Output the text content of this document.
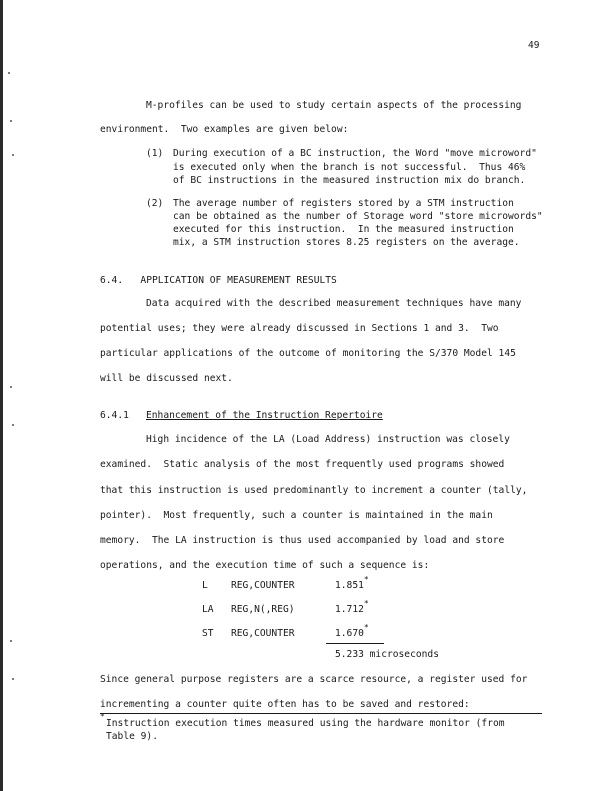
49
M-profiles can be used to study certain aspects of the processing
environment.  Two examples are given below:
(1) During execution of a BC instruction, the Word "move microword"
is executed only when the branch is not successful.  Thus 46%
of BC instructions in the measured instruction mix do branch.
(2) The average number of registers stored by a STM instruction
can be obtained as the number of Storage word "store microwords"
executed for this instruction.  In the measured instruction
mix, a STM instruction stores 8.25 registers on the average.
6.4.   APPLICATION OF MEASUREMENT RESULTS
Data acquired with the described measurement techniques have many
potential uses; they were already discussed in Sections 1 and 3.  Two
particular applications of the outcome of monitoring the S/370 Model 145
will be discussed next.
6.4.1 Enhancement of the Instruction Repertoire
High incidence of the LA (Load Address) instruction was closely
examined.  Static analysis of the most frequently used programs showed
that this instruction is used predominantly to increment a counter (tally,
pointer).  Most frequently, such a counter is maintained in the main
memory.  The LA instruction is thus used accompanied by load and store
operations, and the execution time of such a sequence is:
L REG,COUNTER	1.851*
LA REG,N(,REG)	1.712*
ST REG,COUNTER	1.670*
5.233 microseconds
Since general purpose registers are a scarce resource, a register used for
incrementing a counter quite often has to be saved and restored:
*
Instruction execution times measured using the hardware monitor (from
Table 9).
